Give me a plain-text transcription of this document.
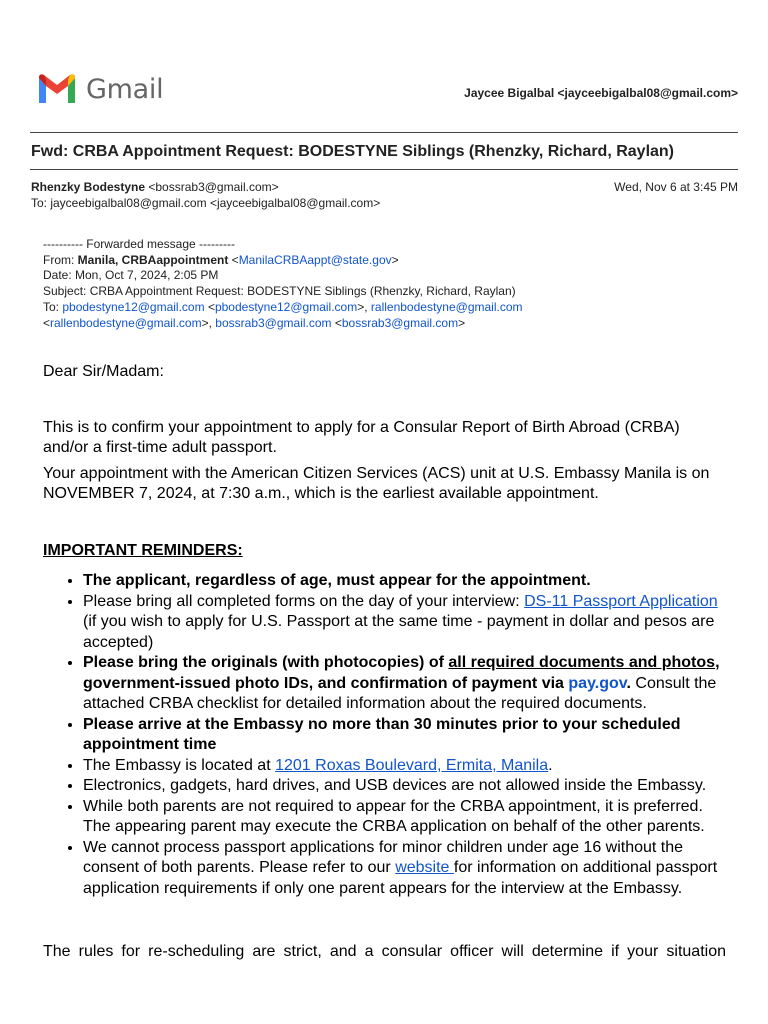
Gmail	Jaycee Bigalbal <jayceebigalbal08@gmail.com>
Fwd: CRBA Appointment Request: BODESTYNE Siblings (Rhenzky, Richard, Raylan)
Rhenzky Bodestyne <bossrab3@gmail.com>	Wed, Nov 6 at 3:45 PM
To: jayceebigalbal08@gmail.com <jayceebigalbal08@gmail.com>
---------- Forwarded message ---------
From: Manila, CRBAappointment <ManilaCRBAappt@state.gov>
Date: Mon, Oct 7, 2024, 2:05 PM
Subject: CRBA Appointment Request: BODESTYNE Siblings (Rhenzky, Richard, Raylan)
To: pbodestyne12@gmail.com <pbodestyne12@gmail.com>, rallenbodestyne@gmail.com
<rallenbodestyne@gmail.com>, bossrab3@gmail.com <bossrab3@gmail.com>
Dear Sir/Madam:
This is to confirm your appointment to apply for a Consular Report of Birth Abroad (CRBA) and/or a first-time adult passport.
Your appointment with the American Citizen Services (ACS) unit at U.S. Embassy Manila is on NOVEMBER 7, 2024, at 7:30 a.m., which is the earliest available appointment.
IMPORTANT REMINDERS:
• The applicant, regardless of age, must appear for the appointment.
• Please bring all completed forms on the day of your interview: DS-11 Passport Application (if you wish to apply for U.S. Passport at the same time - payment in dollar and pesos are accepted)
• Please bring the originals (with photocopies) of all required documents and photos, government-issued photo IDs, and confirmation of payment via pay.gov. Consult the attached CRBA checklist for detailed information about the required documents.
• Please arrive at the Embassy no more than 30 minutes prior to your scheduled appointment time
• The Embassy is located at 1201 Roxas Boulevard, Ermita, Manila.
• Electronics, gadgets, hard drives, and USB devices are not allowed inside the Embassy.
• While both parents are not required to appear for the CRBA appointment, it is preferred. The appearing parent may execute the CRBA application on behalf of the other parents.
• We cannot process passport applications for minor children under age 16 without the consent of both parents. Please refer to our website for information on additional passport application requirements if only one parent appears for the interview at the Embassy.
The rules for re-scheduling are strict, and a consular officer will determine if your situation
